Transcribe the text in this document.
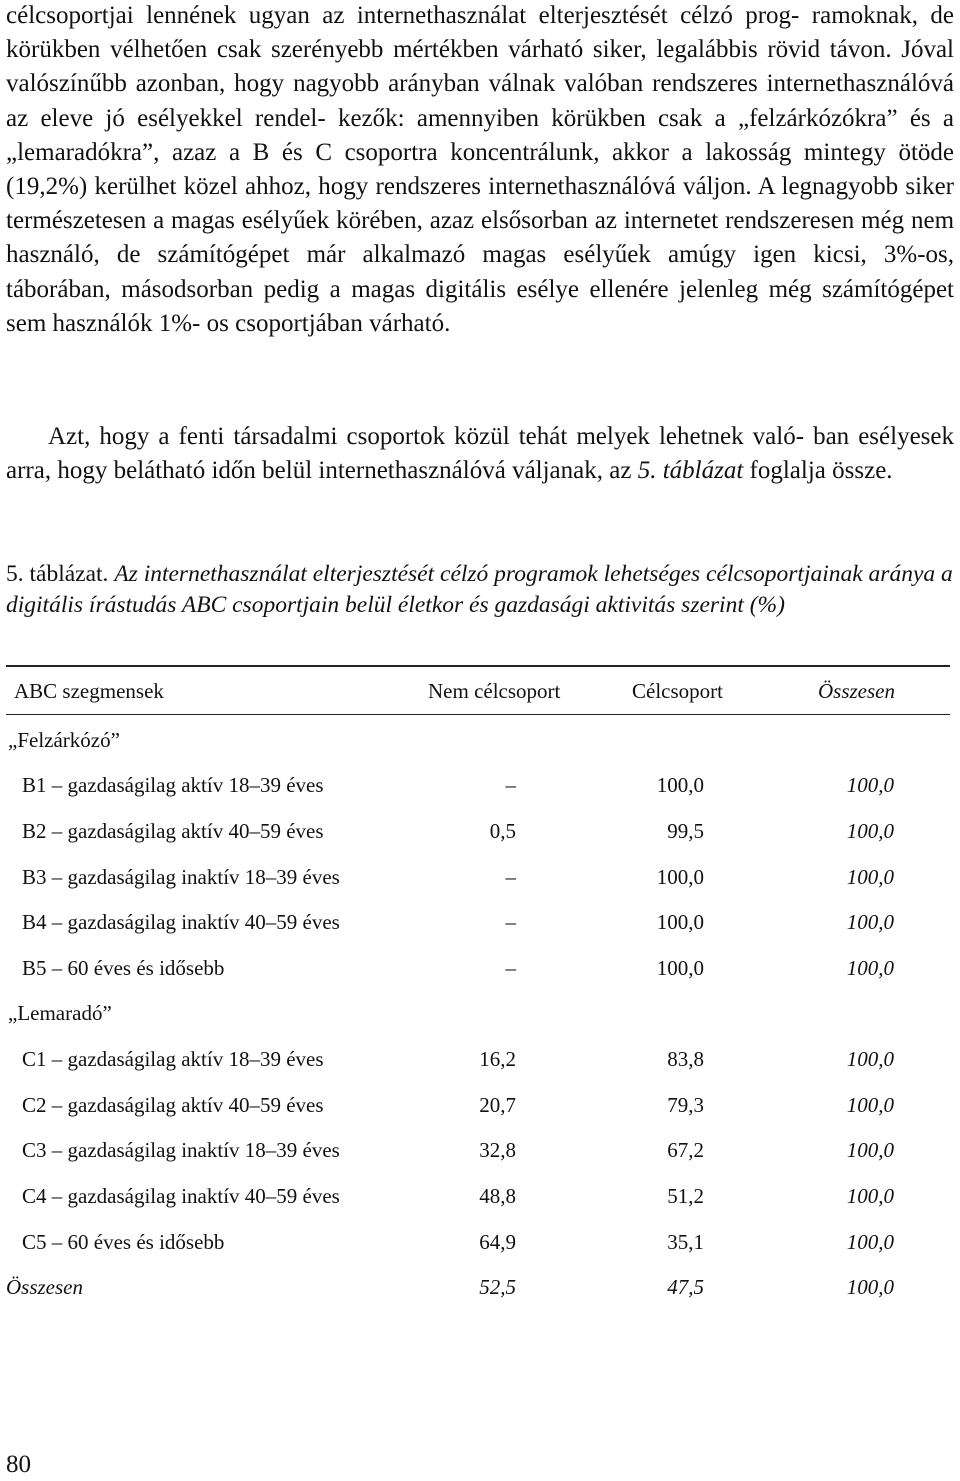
célcsoportjai lennének ugyan az internethasználat elterjesztését célzó prog- ramoknak, de körükben vélhetően csak szerényebb mértékben várható siker, legalábbis rövid távon. Jóval valószínűbb azonban, hogy nagyobb arányban válnak valóban rendszeres internethasználóvá az eleve jó esélyekkel rendel- kezők: amennyiben körükben csak a „felzárkózókra” és a „lemaradókra”, azaz a B és C csoportra koncentrálunk, akkor a lakosság mintegy ötöde (19,2%) kerülhet közel ahhoz, hogy rendszeres internethasználóvá váljon. A legnagyobb siker természetesen a magas esélyűek körében, azaz elsősorban az internetet rendszeresen még nem használó, de számítógépet már alkalmazó magas esélyűek amúgy igen kicsi, 3%-os, táborában, másodsorban pedig a magas digitális esélye ellenére jelenleg még számítógépet sem használók 1%- os csoportjában várható.

Azt, hogy a fenti társadalmi csoportok közül tehát melyek lehetnek való- ban esélyesek arra, hogy belátható időn belül internethasználóvá váljanak, az 5. táblázat foglalja össze.

5. táblázat. Az internethasználat elterjesztését célzó programok lehetséges célcsoportjainak aránya a digitális írástudás ABC csoportjain belül életkor és gazdasági aktivitás szerint (%)

ABC szegmensek	Nem célcsoport	Célcsoport	Összesen
„Felzárkózó”
B1 – gazdaságilag aktív 18–39 éves	–	100,0	100,0
B2 – gazdaságilag aktív 40–59 éves	0,5	99,5	100,0
B3 – gazdaságilag inaktív 18–39 éves	–	100,0	100,0
B4 – gazdaságilag inaktív 40–59 éves	–	100,0	100,0
B5 – 60 éves és idősebb	–	100,0	100,0
„Lemaradó”
C1 – gazdaságilag aktív 18–39 éves	16,2	83,8	100,0
C2 – gazdaságilag aktív 40–59 éves	20,7	79,3	100,0
C3 – gazdaságilag inaktív 18–39 éves	32,8	67,2	100,0
C4 – gazdaságilag inaktív 40–59 éves	48,8	51,2	100,0
C5 – 60 éves és idősebb	64,9	35,1	100,0
Összesen	52,5	47,5	100,0
80
